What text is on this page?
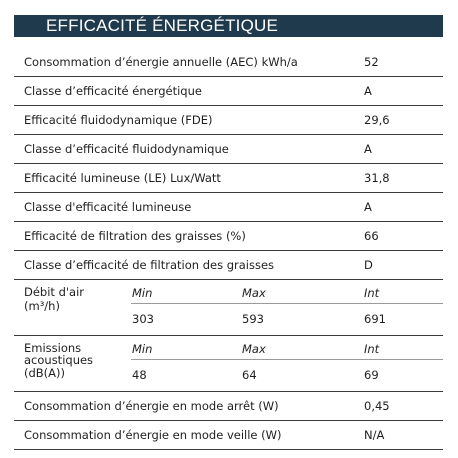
EFFICACITÉ ÉNERGÉTIQUE
Consommation d’énergie annuelle (AEC) kWh/a	52
Classe d’efficacité énergétique	A
Efficacité fluidodynamique (FDE)	29,6
Classe d’efficacité fluidodynamique	A
Efficacité lumineuse (LE) Lux/Watt	31,8
Classe d'efficacité lumineuse	A
Efficacité de filtration des graisses (%)	66
Classe d’efficacité de filtration des graisses	D
Débit d'air
(m³/h)
Min	Max	Int
303	593	691
Emissions
acoustiques
(dB(A))
Min	Max	Int
48	64	69
Consommation d’énergie en mode arrêt (W)	0,45
Consommation d’énergie en mode veille (W)	N/A
